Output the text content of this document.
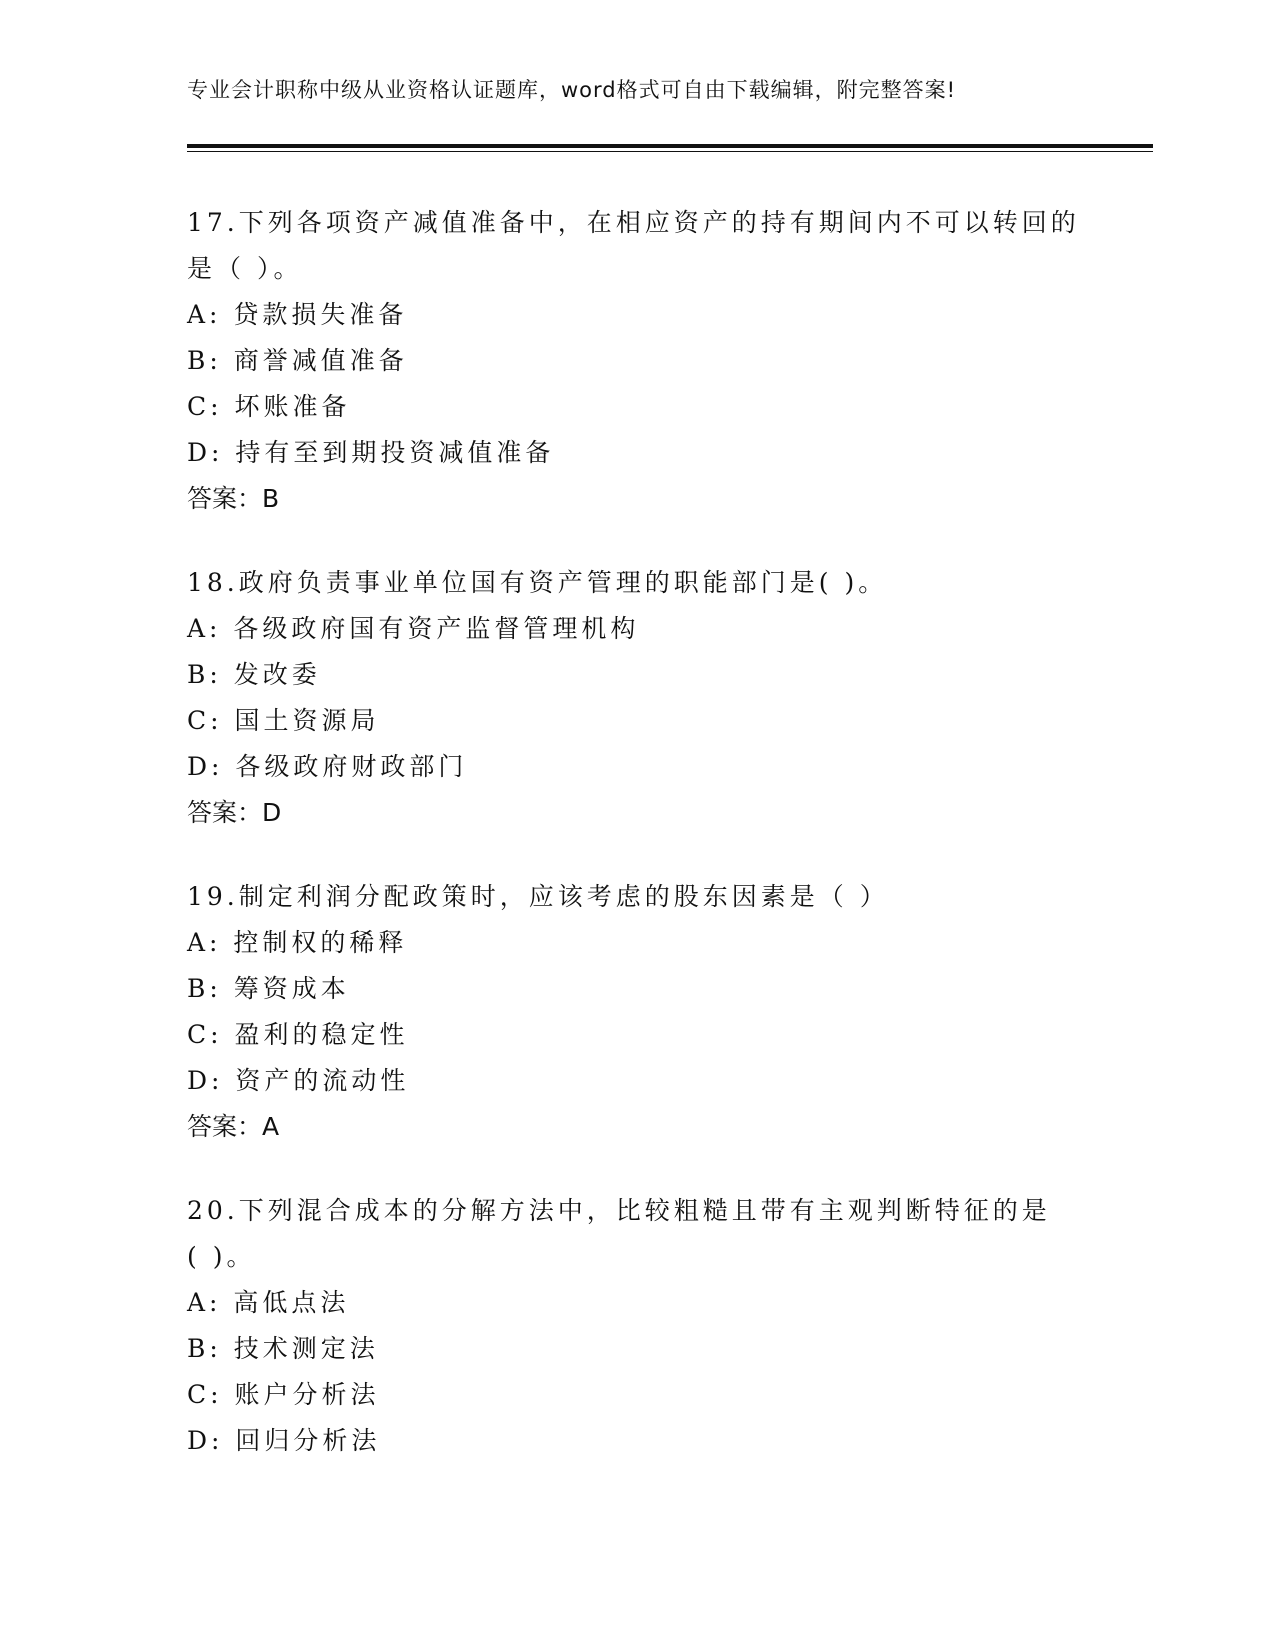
专业会计职称中级从业资格认证题库，word格式可自由下载编辑，附完整答案!
17.下列各项资产减值准备中，在相应资产的持有期间内不可以转回的
是（ ）。
A: 贷款损失准备
B: 商誉减值准备
C: 坏账准备
D: 持有至到期投资减值准备
答案：B
18.政府负责事业单位国有资产管理的职能部门是( )。
A: 各级政府国有资产监督管理机构
B: 发改委
C: 国土资源局
D: 各级政府财政部门
答案：D
19.制定利润分配政策时，应该考虑的股东因素是（ ）
A: 控制权的稀释
B: 筹资成本
C: 盈利的稳定性
D: 资产的流动性
答案：A
20.下列混合成本的分解方法中，比较粗糙且带有主观判断特征的是
( )。
A: 高低点法
B: 技术测定法
C: 账户分析法
D: 回归分析法
